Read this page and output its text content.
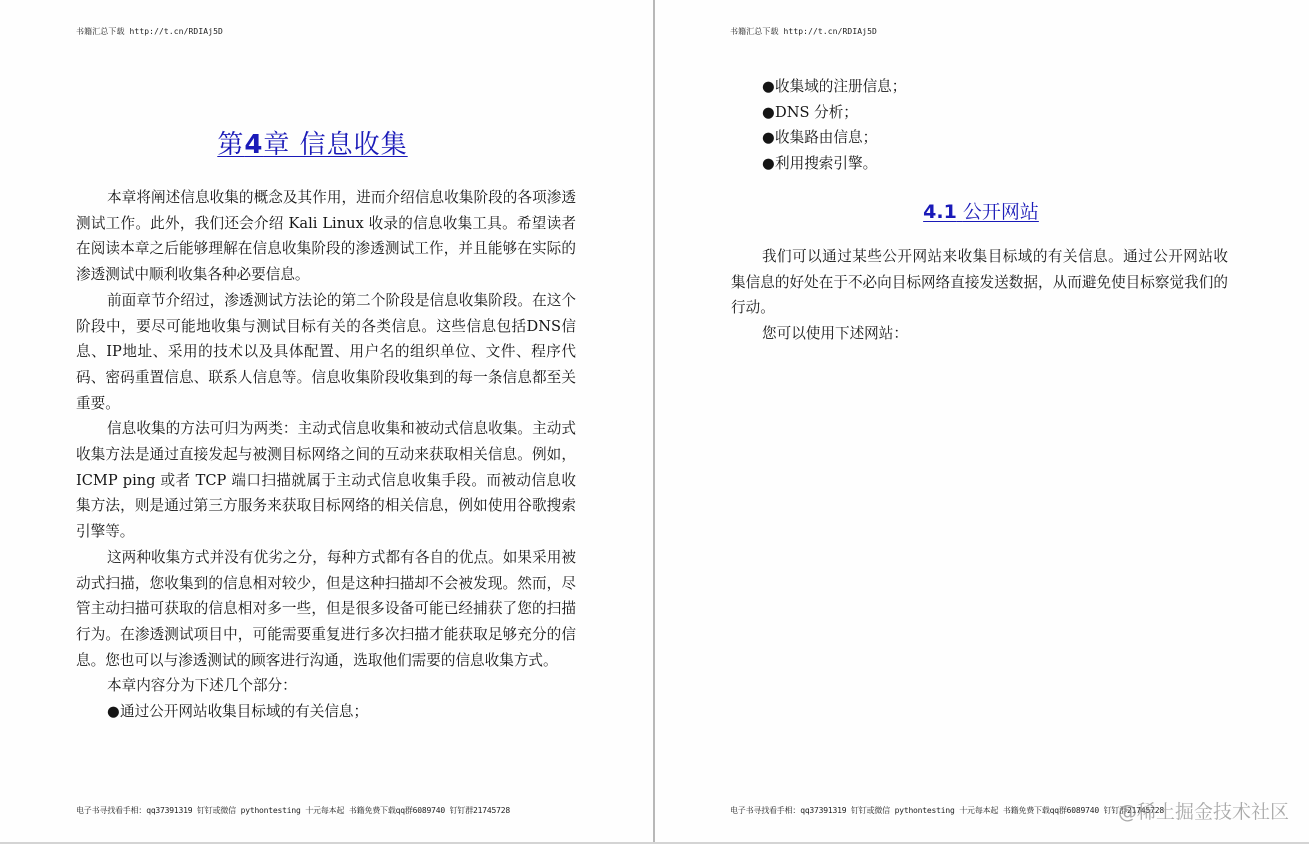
书籍汇总下载 http://t.cn/RDIAj5D
第4章 信息收集

本章将阐述信息收集的概念及其作用，进而介绍信息收集阶段的各项渗透测试工作。此外，我们还会介绍 Kali Linux 收录的信息收集工具。希望读者在阅读本章之后能够理解在信息收集阶段的渗透测试工作，并且能够在实际的渗透测试中顺利收集各种必要信息。

前面章节介绍过，渗透测试方法论的第二个阶段是信息收集阶段。在这个阶段中，要尽可能地收集与测试目标有关的各类信息。这些信息包括DNS信息、IP地址、采用的技术以及具体配置、用户名的组织单位、文件、程序代码、密码重置信息、联系人信息等。信息收集阶段收集到的每一条信息都至关重要。

信息收集的方法可归为两类：主动式信息收集和被动式信息收集。主动式收集方法是通过直接发起与被测目标网络之间的互动来获取相关信息。例如，ICMP ping 或者 TCP 端口扫描就属于主动式信息收集手段。而被动信息收集方法，则是通过第三方服务来获取目标网络的相关信息，例如使用谷歌搜索引擎等。

这两种收集方式并没有优劣之分，每种方式都有各自的优点。如果采用被动式扫描，您收集到的信息相对较少，但是这种扫描却不会被发现。然而，尽管主动扫描可获取的信息相对多一些，但是很多设备可能已经捕获了您的扫描行为。在渗透测试项目中，可能需要重复进行多次扫描才能获取足够充分的信息。您也可以与渗透测试的顾客进行沟通，选取他们需要的信息收集方式。

本章内容分为下述几个部分：

●通过公开网站收集目标域的有关信息；

电子书寻找看手相：qq37391319 钉钉或微信 pythontesting 十元每本起 书籍免费下载qq群6089740 钉钉群21745728
书籍汇总下载 http://t.cn/RDIAj5D
电子书寻找看手相：qq37391319 钉钉或微信 pythontesting 十元每本起 书籍免费下载qq群6089740 钉钉群21745728

●收集域的注册信息；

●DNS 分析；

●收集路由信息；

●利用搜索引擎。

4.1 公开网站

我们可以通过某些公开网站来收集目标域的有关信息。通过公开网站收集信息的好处在于不必向目标网络直接发送数据，从而避免使目标察觉我们的行动。

您可以使用下述网站：

@稀土掘金技术社区
